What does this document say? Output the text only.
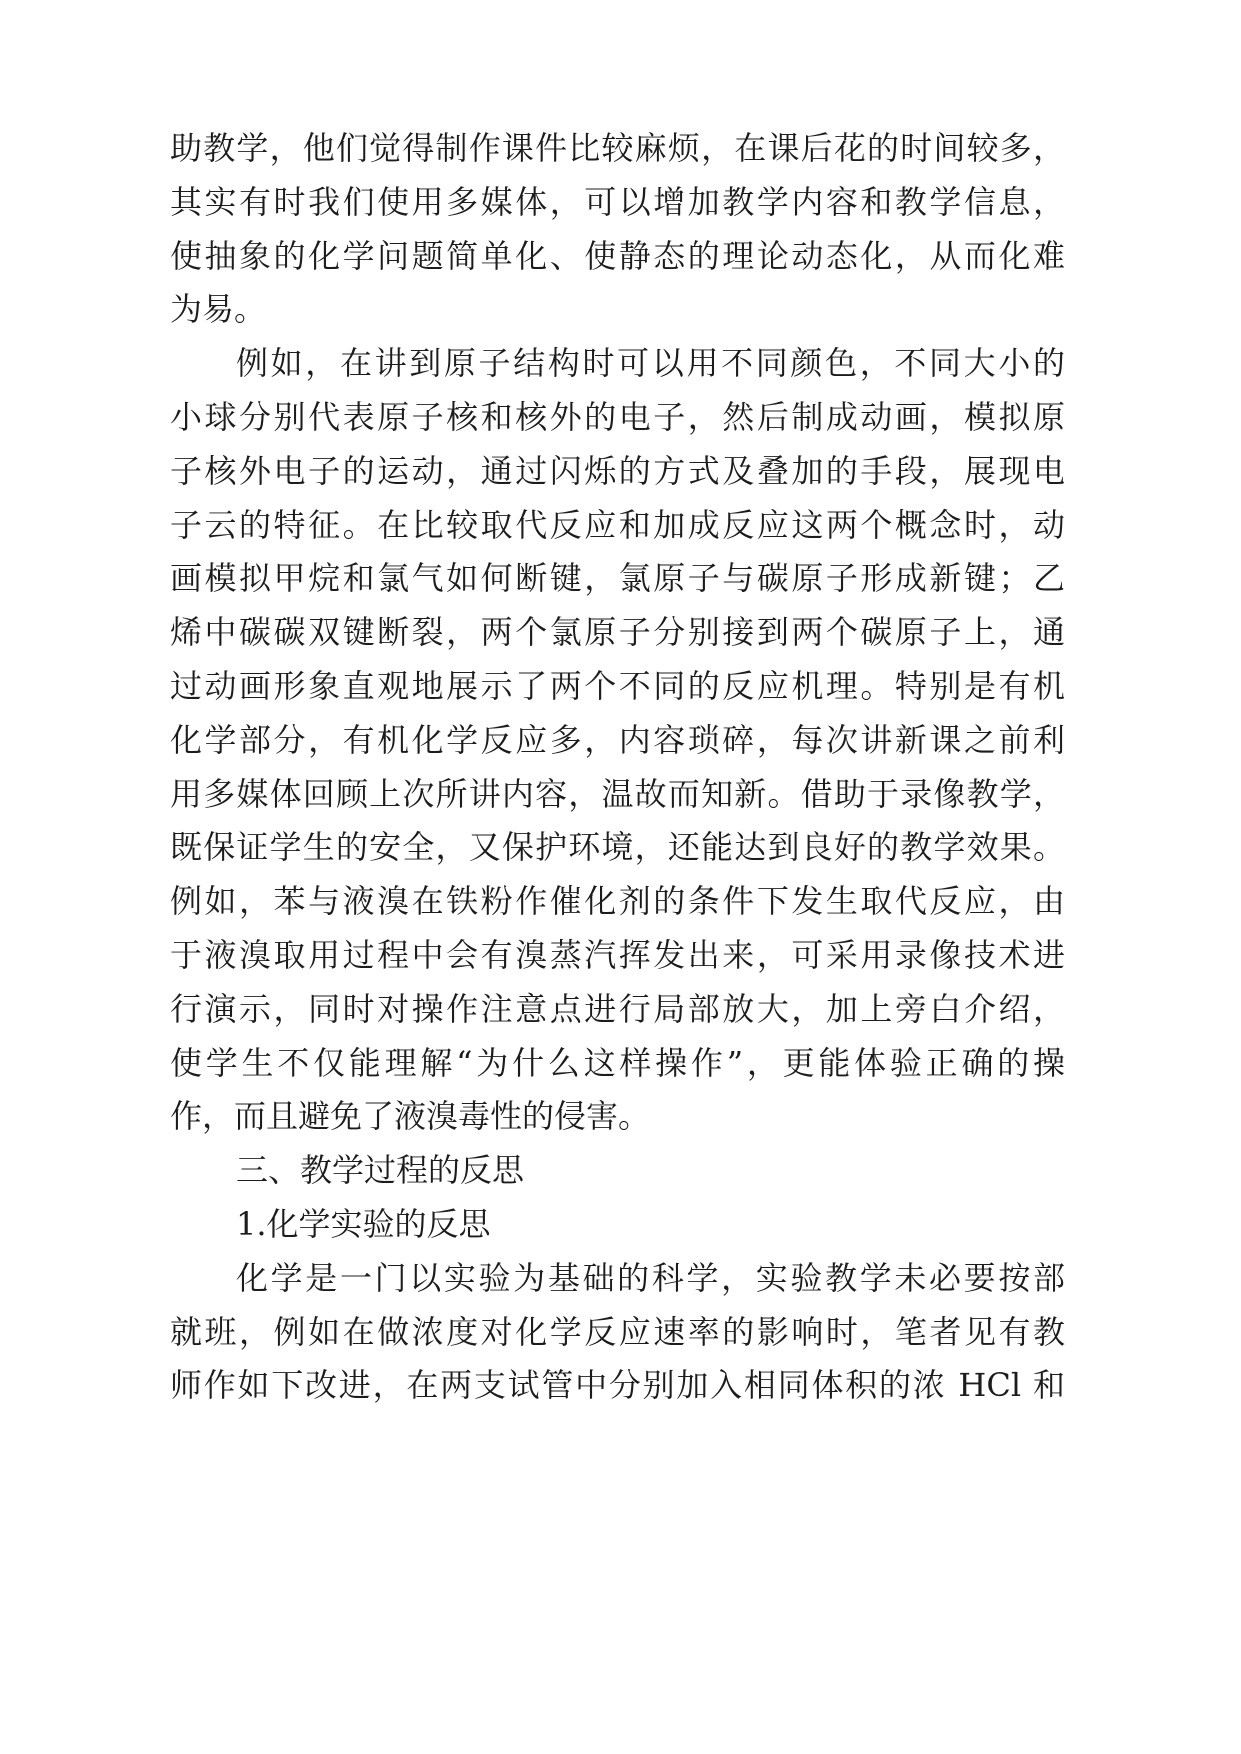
助教学，他们觉得制作课件比较麻烦，在课后花的时间较多，
其实有时我们使用多媒体，可以增加教学内容和教学信息，
使抽象的化学问题简单化、使静态的理论动态化，从而化难
为易。
例如，在讲到原子结构时可以用不同颜色，不同大小的
小球分别代表原子核和核外的电子，然后制成动画，模拟原
子核外电子的运动，通过闪烁的方式及叠加的手段，展现电
子云的特征。在比较取代反应和加成反应这两个概念时，动
画模拟甲烷和氯气如何断键，氯原子与碳原子形成新键；乙
烯中碳碳双键断裂，两个氯原子分别接到两个碳原子上，通
过动画形象直观地展示了两个不同的反应机理。特别是有机
化学部分，有机化学反应多，内容琐碎，每次讲新课之前利
用多媒体回顾上次所讲内容，温故而知新。借助于录像教学，
既保证学生的安全，又保护环境，还能达到良好的教学效果。
例如，苯与液溴在铁粉作催化剂的条件下发生取代反应，由
于液溴取用过程中会有溴蒸汽挥发出来，可采用录像技术进
行演示，同时对操作注意点进行局部放大，加上旁白介绍，
使学生不仅能理解“为什么这样操作”，更能体验正确的操
作，而且避免了液溴毒性的侵害。
三、教学过程的反思
1.化学实验的反思
化学是一门以实验为基础的科学，实验教学未必要按部
就班，例如在做浓度对化学反应速率的影响时，笔者见有教
师作如下改进，在两支试管中分别加入相同体积的浓 HCl 和
